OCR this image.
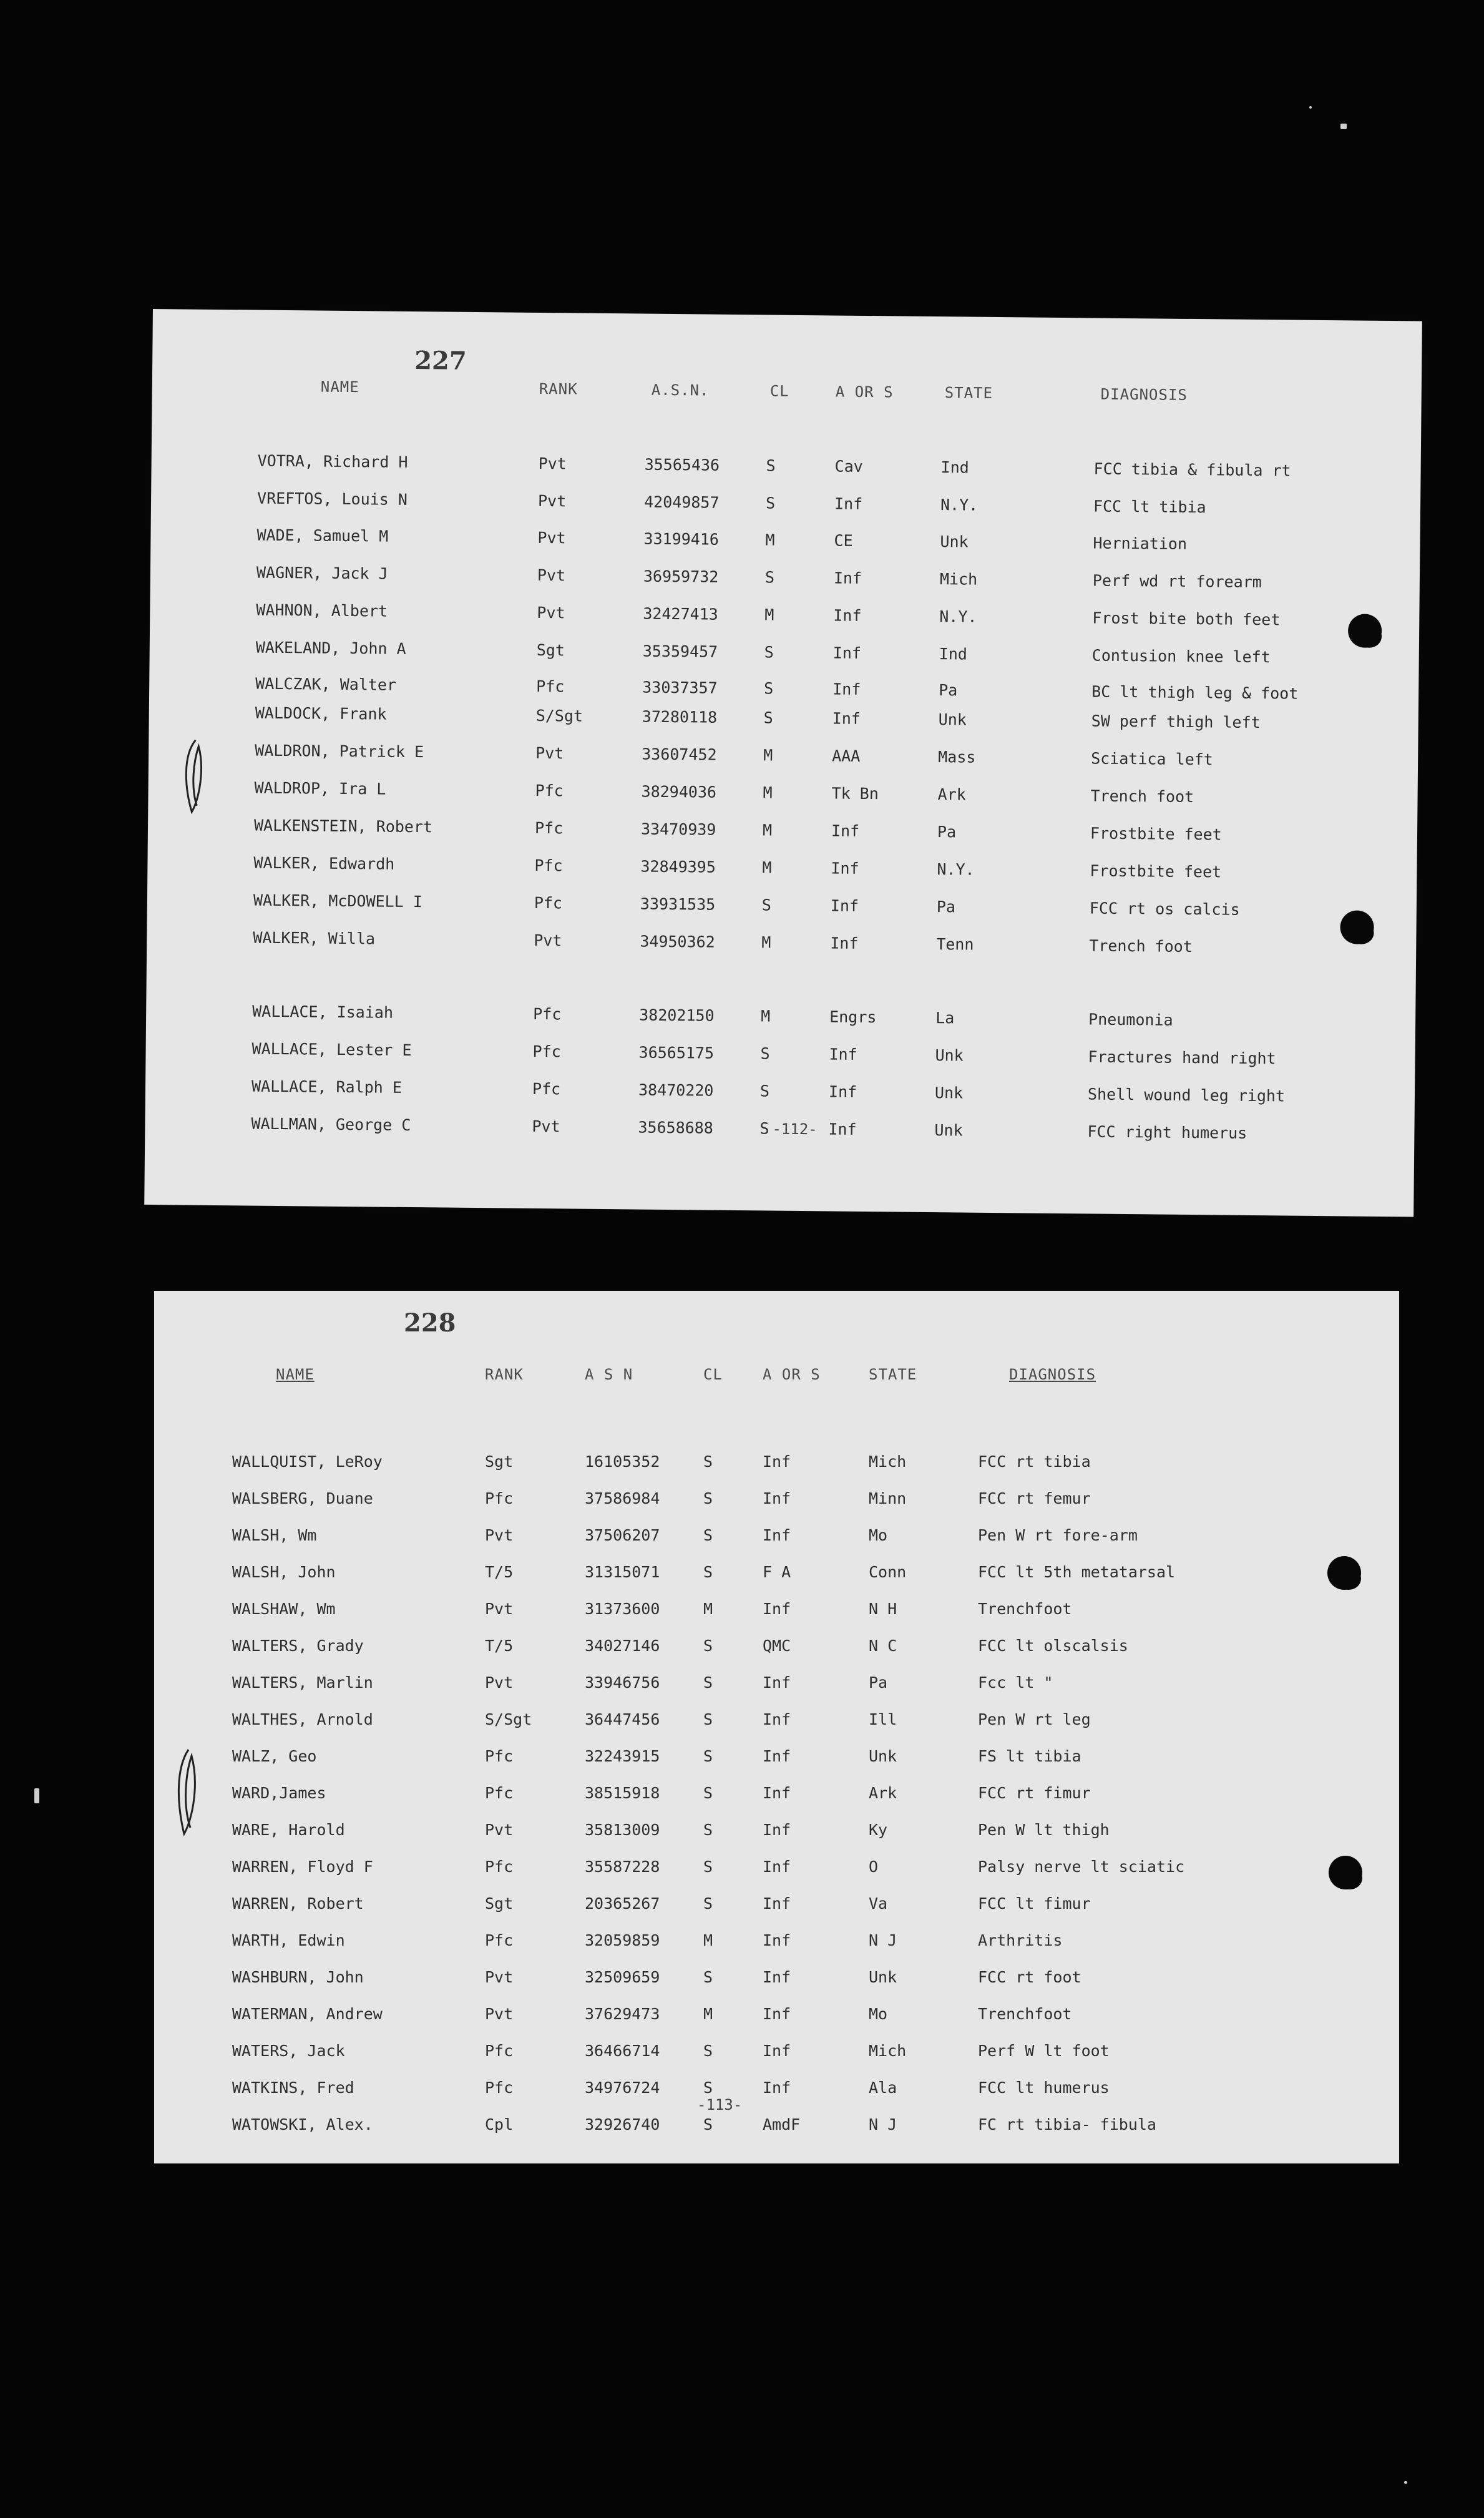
227
NAME	RANK	A.S.N.	CL	A OR S	STATE	DIAGNOSIS
VOTRA, Richard H	Pvt	35565436	S	Cav	Ind	FCC tibia & fibula rt
VREFTOS, Louis N	Pvt	42049857	S	Inf	N.Y.	FCC lt tibia
WADE, Samuel M	Pvt	33199416	M	CE	Unk	Herniation
WAGNER, Jack J	Pvt	36959732	S	Inf	Mich	Perf wd rt forearm
WAHNON, Albert	Pvt	32427413	M	Inf	N.Y.	Frost bite both feet
WAKELAND, John A	Sgt	35359457	S	Inf	Ind	Contusion knee left
WALCZAK, Walter	Pfc	33037357	S	Inf	Pa	BC lt thigh leg & foot
WALDOCK, Frank	S/Sgt	37280118	S	Inf	Unk	SW perf thigh left
WALDRON, Patrick E	Pvt	33607452	M	AAA	Mass	Sciatica left
WALDROP, Ira L	Pfc	38294036	M	Tk Bn	Ark	Trench foot
WALKENSTEIN, Robert	Pfc	33470939	M	Inf	Pa	Frostbite feet
WALKER, Edwardh	Pfc	32849395	M	Inf	N.Y.	Frostbite feet
WALKER, McDOWELL I	Pfc	33931535	S	Inf	Pa	FCC rt os calcis
WALKER, Willa	Pvt	34950362	M	Inf	Tenn	Trench foot
WALLACE, Isaiah	Pfc	38202150	M	Engrs	La	Pneumonia
WALLACE, Lester E	Pfc	36565175	S	Inf	Unk	Fractures hand right
WALLACE, Ralph E	Pfc	38470220	S	Inf	Unk	Shell wound leg right
WALLMAN, George C	Pvt	35658688	S	Inf	Unk	FCC right humerus
-112-
228
NAME	RANK	A S N	CL	A OR S	STATE	DIAGNOSIS
WALLQUIST, LeRoy	Sgt	16105352	S	Inf	Mich	FCC rt tibia
WALSBERG, Duane	Pfc	37586984	S	Inf	Minn	FCC rt femur
WALSH, Wm	Pvt	37506207	S	Inf	Mo	Pen W rt fore-arm
WALSH, John	T/5	31315071	S	F A	Conn	FCC lt 5th metatarsal
WALSHAW, Wm	Pvt	31373600	M	Inf	N H	Trenchfoot
WALTERS, Grady	T/5	34027146	S	QMC	N C	FCC lt olscalsis
WALTERS, Marlin	Pvt	33946756	S	Inf	Pa	Fcc lt "
WALTHES, Arnold	S/Sgt	36447456	S	Inf	Ill	Pen W rt leg
WALZ, Geo	Pfc	32243915	S	Inf	Unk	FS lt tibia
WARD,James	Pfc	38515918	S	Inf	Ark	FCC rt fimur
WARE, Harold	Pvt	35813009	S	Inf	Ky	Pen W lt thigh
WARREN, Floyd F	Pfc	35587228	S	Inf	O	Palsy nerve lt sciatic
WARREN, Robert	Sgt	20365267	S	Inf	Va	FCC lt fimur
WARTH, Edwin	Pfc	32059859	M	Inf	N J	Arthritis
WASHBURN, John	Pvt	32509659	S	Inf	Unk	FCC rt foot
WATERMAN, Andrew	Pvt	37629473	M	Inf	Mo	Trenchfoot
WATERS, Jack	Pfc	36466714	S	Inf	Mich	Perf W lt foot
WATKINS, Fred	Pfc	34976724	S	Inf	Ala	FCC lt humerus
WATOWSKI, Alex.	Cpl	32926740	S	AmdF	N J	FC rt tibia- fibula
-113-
